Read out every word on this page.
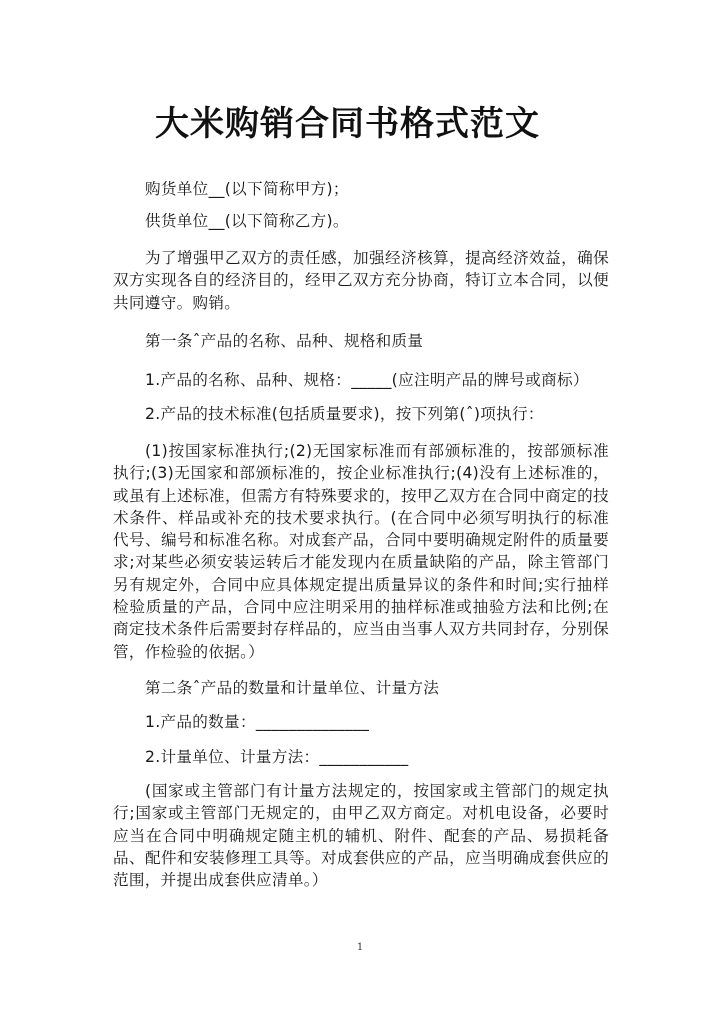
大米购销合同书格式范文

购货单位__(以下简称甲方)；

供货单位__(以下简称乙方)。

为了增强甲乙双方的责任感，加强经济核算，提高经济效益，确保双方实现各自的经济目的，经甲乙双方充分协商，特订立本合同，以便共同遵守。购销。

第一条ˆ产品的名称、品种、规格和质量

1.产品的名称、品种、规格：_____(应注明产品的牌号或商标）

2.产品的技术标准(包括质量要求)，按下列第(ˆ)项执行：

(1)按国家标准执行;(2)无国家标准而有部颁标准的，按部颁标准执行;(3)无国家和部颁标准的，按企业标准执行;(4)没有上述标准的，或虽有上述标准，但需方有特殊要求的，按甲乙双方在合同中商定的技术条件、样品或补充的技术要求执行。(在合同中必须写明执行的标准代号、编号和标准名称。对成套产品，合同中要明确规定附件的质量要求;对某些必须安装运转后才能发现内在质量缺陷的产品，除主管部门另有规定外，合同中应具体规定提出质量异议的条件和时间;实行抽样检验质量的产品，合同中应注明采用的抽样标准或抽验方法和比例;在商定技术条件后需要封存样品的，应当由当事人双方共同封存，分别保管，作检验的依据。）

第二条ˆ产品的数量和计量单位、计量方法

1.产品的数量：______________

2.计量单位、计量方法：___________

(国家或主管部门有计量方法规定的，按国家或主管部门的规定执行;国家或主管部门无规定的，由甲乙双方商定。对机电设备，必要时应当在合同中明确规定随主机的辅机、附件、配套的产品、易损耗备品、配件和安装修理工具等。对成套供应的产品，应当明确成套供应的范围，并提出成套供应清单。）

1
